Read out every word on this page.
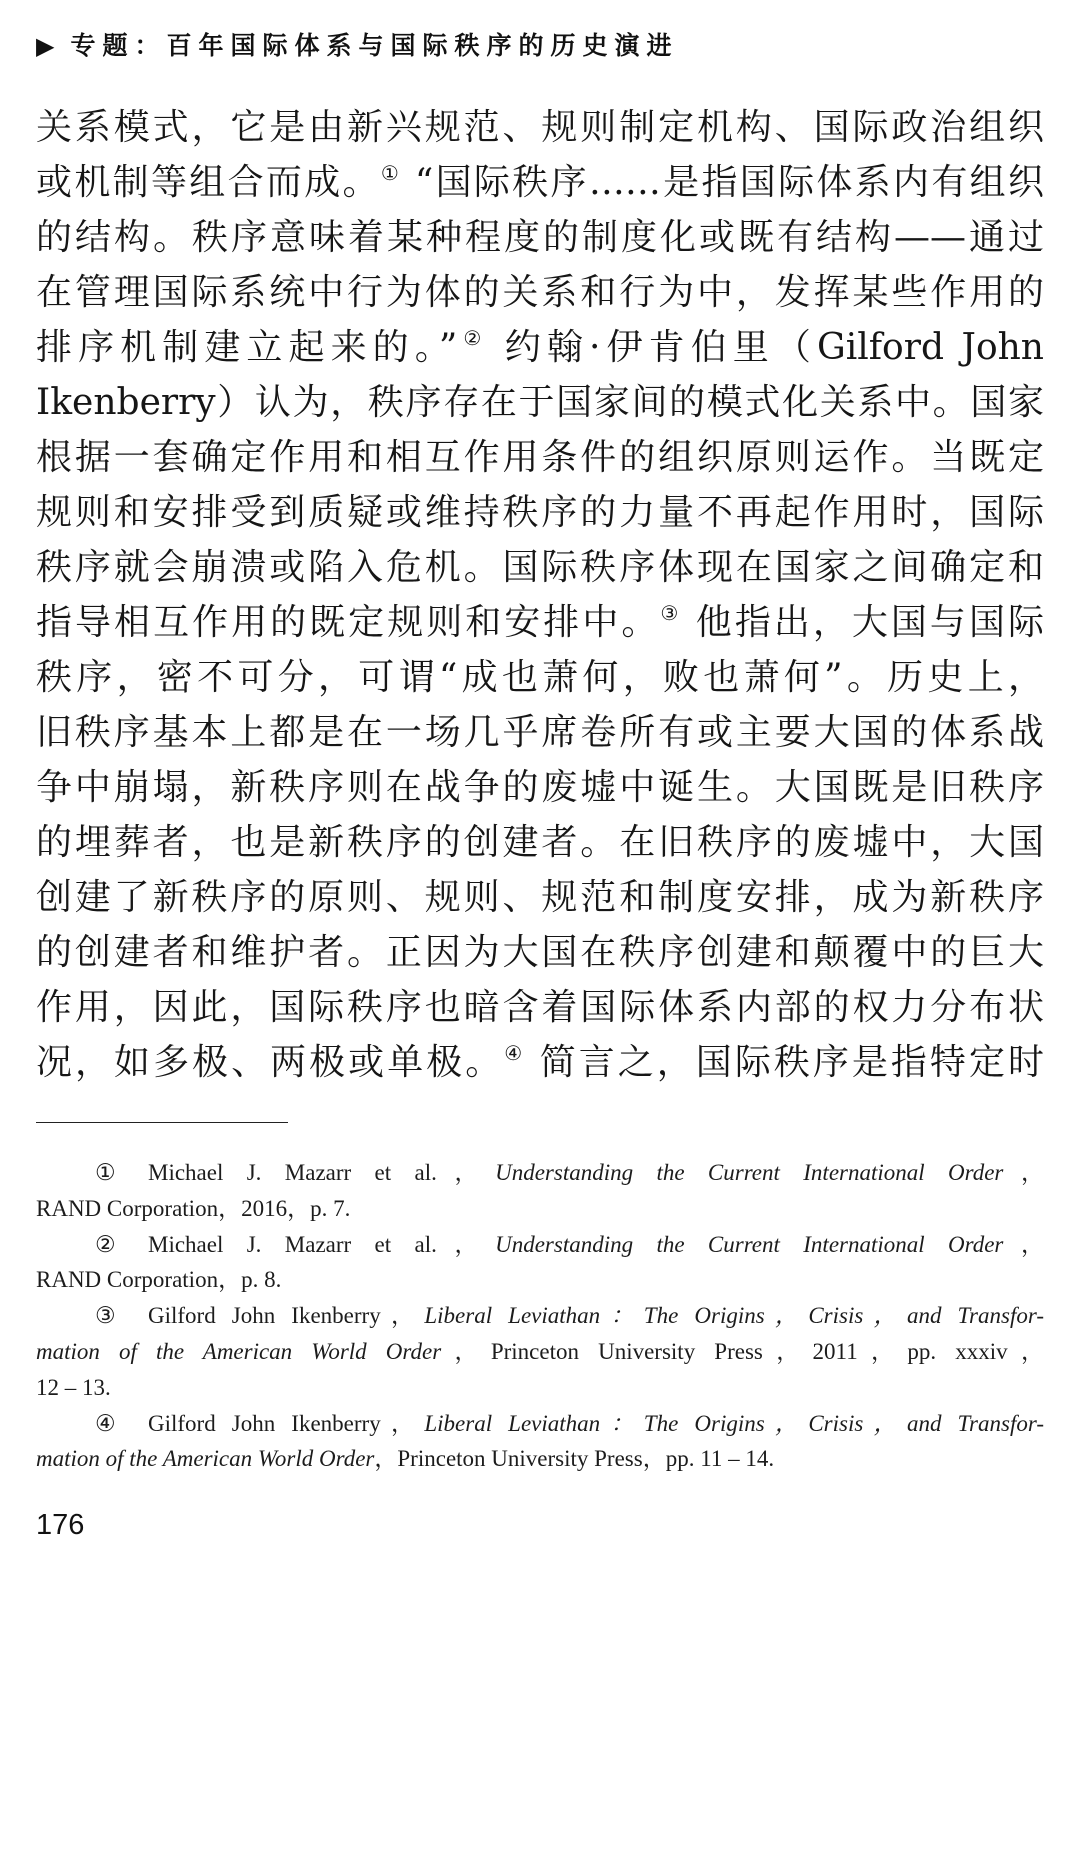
▶ 专题：百年国际体系与国际秩序的历史演进
关系模式，它是由新兴规范、规则制定机构、国际政治组织
或机制等组合而成。① “国际秩序……是指国际体系内有组织
的结构。秩序意味着某种程度的制度化或既有结构——通过
在管理国际系统中行为体的关系和行为中，发挥某些作用的
排序机制建立起来的。”② 约翰·伊肯伯里（Gilford John
Ikenberry）认为，秩序存在于国家间的模式化关系中。国家
根据一套确定作用和相互作用条件的组织原则运作。当既定
规则和安排受到质疑或维持秩序的力量不再起作用时，国际
秩序就会崩溃或陷入危机。国际秩序体现在国家之间确定和
指导相互作用的既定规则和安排中。③ 他指出，大国与国际
秩序，密不可分，可谓“成也萧何，败也萧何”。历史上，
旧秩序基本上都是在一场几乎席卷所有或主要大国的体系战
争中崩塌，新秩序则在战争的废墟中诞生。大国既是旧秩序
的埋葬者，也是新秩序的创建者。在旧秩序的废墟中，大国
创建了新秩序的原则、规则、规范和制度安排，成为新秩序
的创建者和维护者。正因为大国在秩序创建和颠覆中的巨大
作用，因此，国际秩序也暗含着国际体系内部的权力分布状
况，如多极、两极或单极。④ 简言之，国际秩序是指特定时
① Michael J. Mazarr et al.，Understanding the Current International Order，
RAND Corporation，2016，p. 7.
② Michael J. Mazarr et al.，Understanding the Current International Order，
RAND Corporation，p. 8.
③ Gilford John Ikenberry，Liberal Leviathan：The Origins，Crisis，and Transfor-
mation of the American World Order，Princeton University Press，2011，pp. xxxiv，
12 – 13.
④ Gilford John Ikenberry，Liberal Leviathan：The Origins，Crisis，and Transfor-
mation of the American World Order，Princeton University Press，pp. 11 – 14.
176
